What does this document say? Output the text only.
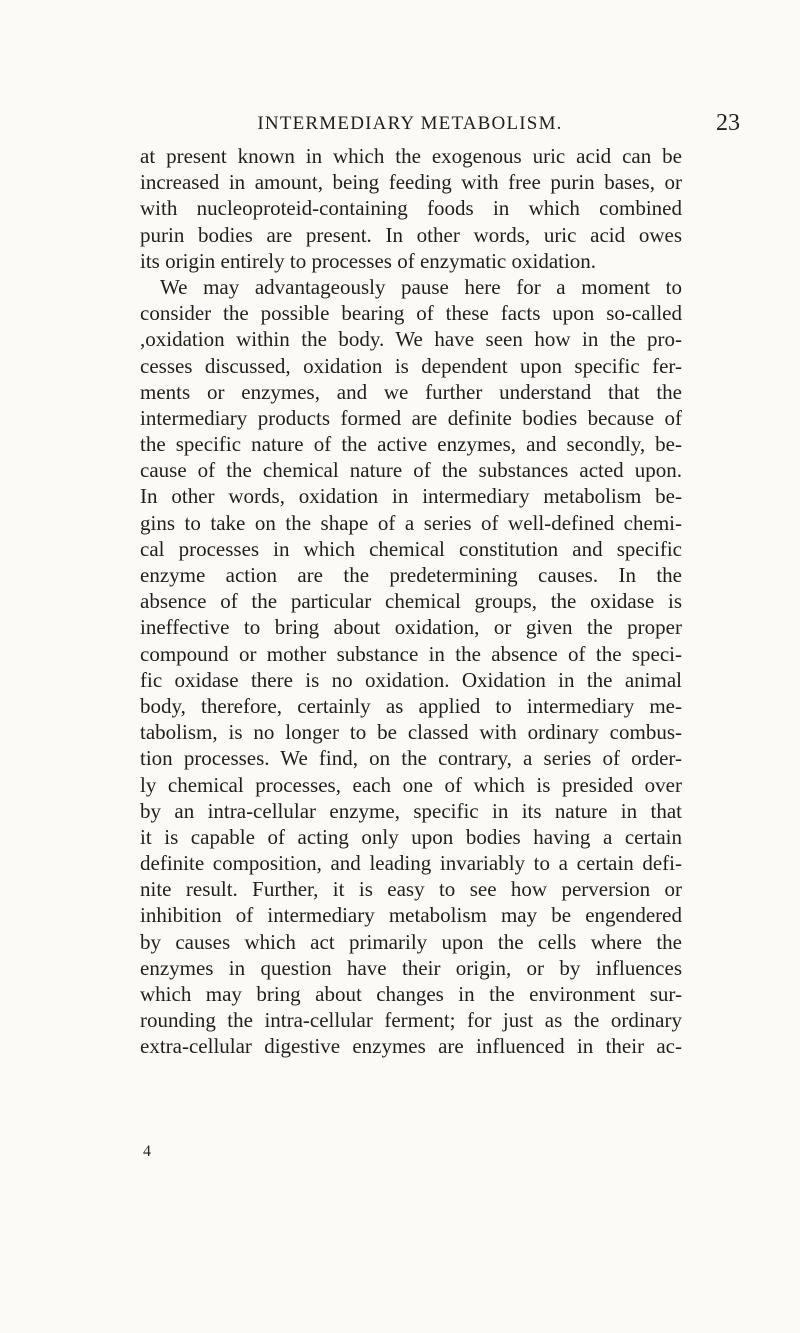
INTERMEDIARY METABOLISM.	23
at present known in which the exogenous uric acid can be
increased in amount, being feeding with free purin bases, or
with nucleoproteid-containing foods in which combined
purin bodies are present. In other words, uric acid owes
its origin entirely to processes of enzymatic oxidation.
We may advantageously pause here for a moment to
consider the possible bearing of these facts upon so-called
,oxidation within the body. We have seen how in the pro-
cesses discussed, oxidation is dependent upon specific fer-
ments or enzymes, and we further understand that the
intermediary products formed are definite bodies because of
the specific nature of the active enzymes, and secondly, be-
cause of the chemical nature of the substances acted upon.
In other words, oxidation in intermediary metabolism be-
gins to take on the shape of a series of well-defined chemi-
cal processes in which chemical constitution and specific
enzyme action are the predetermining causes. In the
absence of the particular chemical groups, the oxidase is
ineffective to bring about oxidation, or given the proper
compound or mother substance in the absence of the speci-
fic oxidase there is no oxidation. Oxidation in the animal
body, therefore, certainly as applied to intermediary me-
tabolism, is no longer to be classed with ordinary combus-
tion processes. We find, on the contrary, a series of order-
ly chemical processes, each one of which is presided over
by an intra-cellular enzyme, specific in its nature in that
it is capable of acting only upon bodies having a certain
definite composition, and leading invariably to a certain defi-
nite result. Further, it is easy to see how perversion or
inhibition of intermediary metabolism may be engendered
by causes which act primarily upon the cells where the
enzymes in question have their origin, or by influences
which may bring about changes in the environment sur-
rounding the intra-cellular ferment; for just as the ordinary
extra-cellular digestive enzymes are influenced in their ac-
4
